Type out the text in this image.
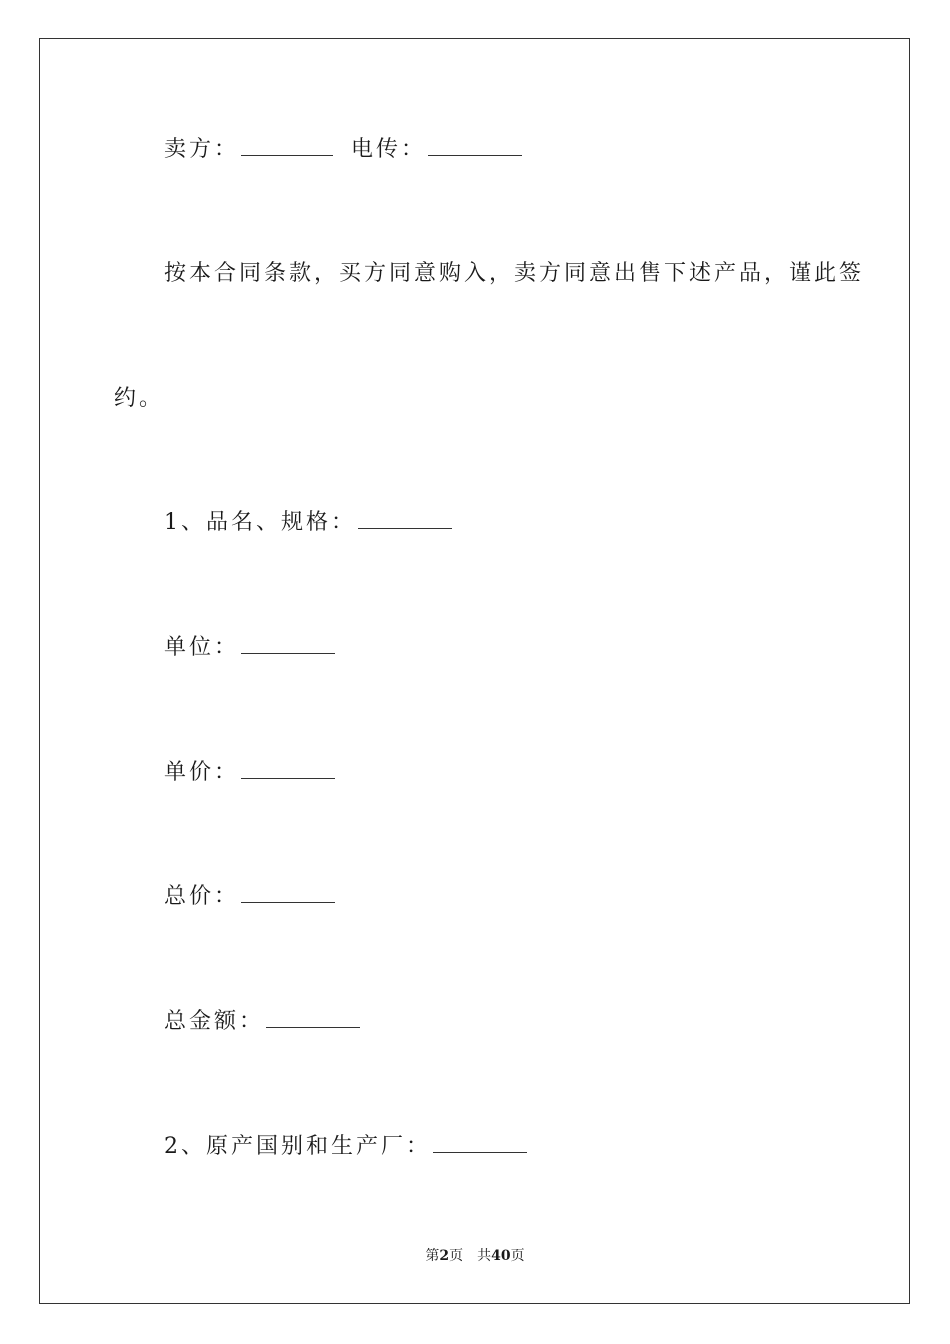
卖方：	电传：
按本合同条款，买方同意购入，卖方同意出售下述产品，谨此签
约。
1、品名、规格：
单位：
单价：
总价：
总金额：
2、原产国别和生产厂：
第2页　共40页
